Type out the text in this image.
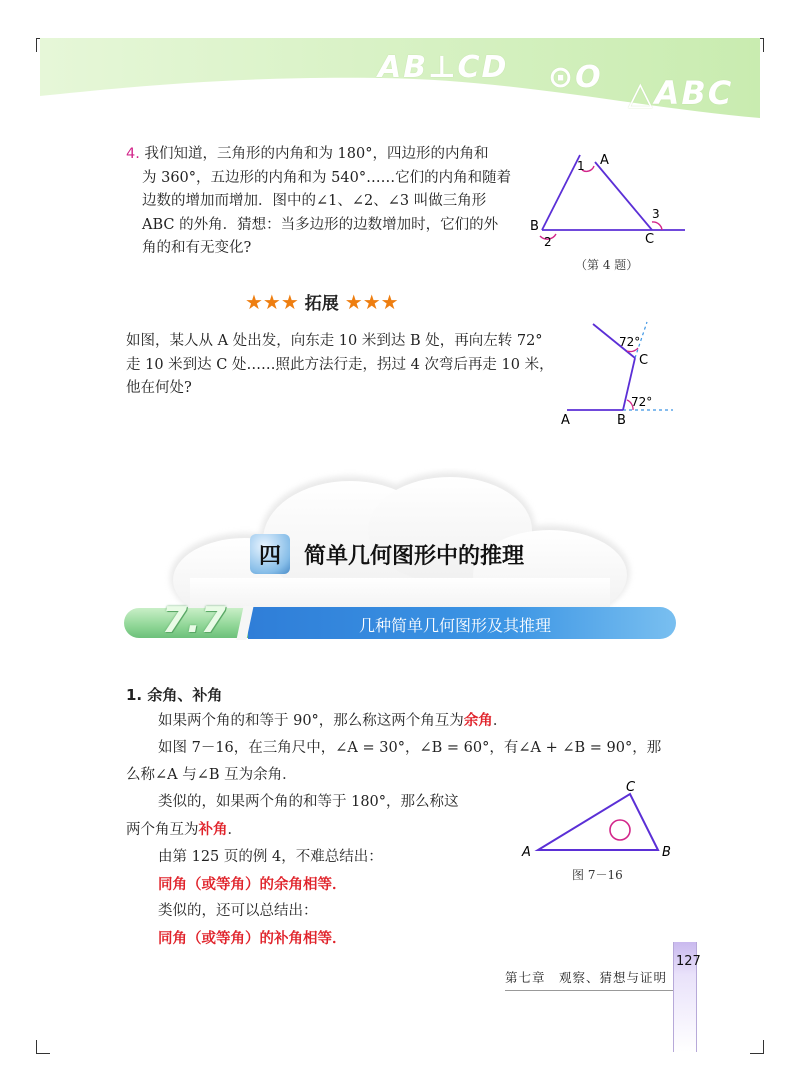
AB⊥CD ⊙O △ABC

4. 我们知道，三角形的内角和为 180°，四边形的内角和

为 360°，五边形的内角和为 540°……它们的内角和随着

边数的增加而增加．图中的∠1、∠2、∠3 叫做三角形

ABC 的外角．猜想：当多边形的边数增加时，它们的外

角的和有无变化?

A
B
C
1
2
3
（第 4 题）
★★★ 拓展 ★★★

如图，某人从 A 处出发，向东走 10 米到达 B 处，再向左转 72°

走 10 米到达 C 处……照此方法行走，拐过 4 次弯后再走 10 米，

他在何处?

A	B
C
72°
72°
四	简单几何图形中的推理
7.7	几种简单几何图形及其推理
1. 余角、补角

如果两个角的和等于 90°，那么称这两个角互为余角．

如图 7－16，在三角尺中，∠A = 30°，∠B = 60°，有∠A + ∠B = 90°，那

么称∠A 与∠B 互为余角．

类似的，如果两个角的和等于 180°，那么称这

两个角互为补角．

由第 125 页的例 4，不难总结出：

同角（或等角）的余角相等．

类似的，还可以总结出：

同角（或等角）的补角相等．

A	B
C
图 7－16
127
第七章　观察、猜想与证明
